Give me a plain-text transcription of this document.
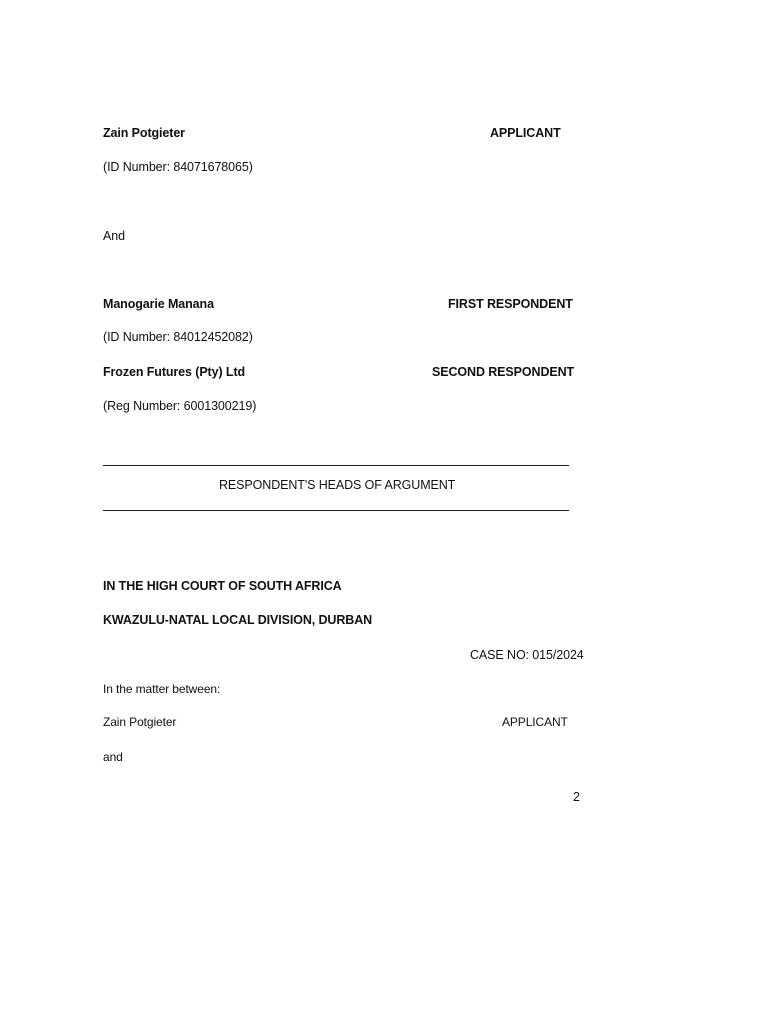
Zain Potgieter	APPLICANT
(ID Number: 84071678065)
And
Manogarie Manana	FIRST RESPONDENT
(ID Number: 84012452082)
Frozen Futures (Pty) Ltd	SECOND RESPONDENT
(Reg Number: 6001300219)
RESPONDENT'S HEADS OF ARGUMENT
IN THE HIGH COURT OF SOUTH AFRICA
KWAZULU-NATAL LOCAL DIVISION, DURBAN
CASE NO: 015/2024
In the matter between:
Zain Potgieter	APPLICANT
and
2
